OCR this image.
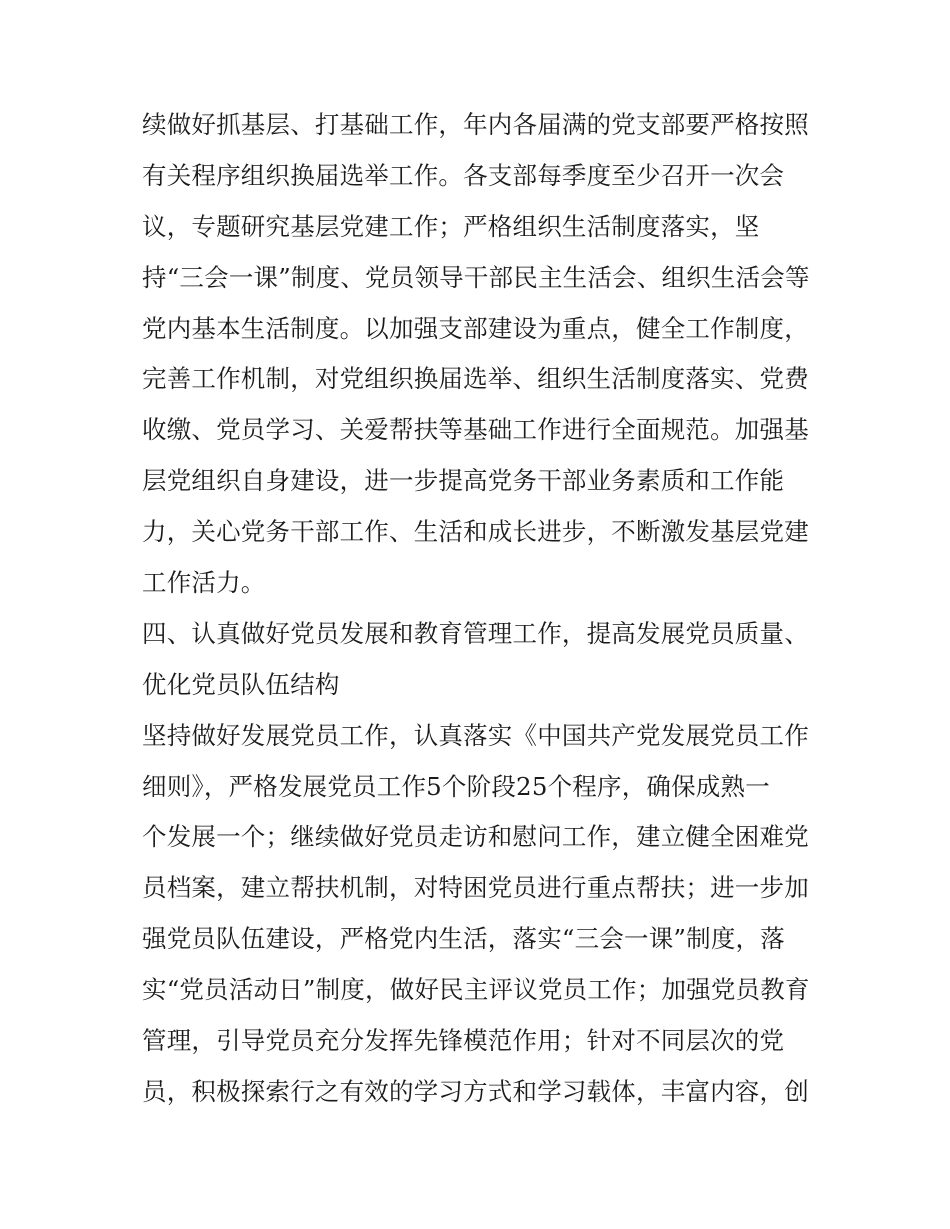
续做好抓基层、打基础工作，年内各届满的党支部要严格按照
有关程序组织换届选举工作。各支部每季度至少召开一次会
议，专题研究基层党建工作；严格组织生活制度落实，坚
持“三会一课”制度、党员领导干部民主生活会、组织生活会等
党内基本生活制度。以加强支部建设为重点，健全工作制度，
完善工作机制，对党组织换届选举、组织生活制度落实、党费
收缴、党员学习、关爱帮扶等基础工作进行全面规范。加强基
层党组织自身建设，进一步提高党务干部业务素质和工作能
力，关心党务干部工作、生活和成长进步，不断激发基层党建
工作活力。
四、认真做好党员发展和教育管理工作，提高发展党员质量、
优化党员队伍结构
坚持做好发展党员工作，认真落实《中国共产党发展党员工作
细则》，严格发展党员工作5个阶段25个程序，确保成熟一
个发展一个；继续做好党员走访和慰问工作，建立健全困难党
员档案，建立帮扶机制，对特困党员进行重点帮扶；进一步加
强党员队伍建设，严格党内生活，落实“三会一课”制度，落
实“党员活动日”制度，做好民主评议党员工作；加强党员教育
管理，引导党员充分发挥先锋模范作用；针对不同层次的党
员，积极探索行之有效的学习方式和学习载体，丰富内容，创
